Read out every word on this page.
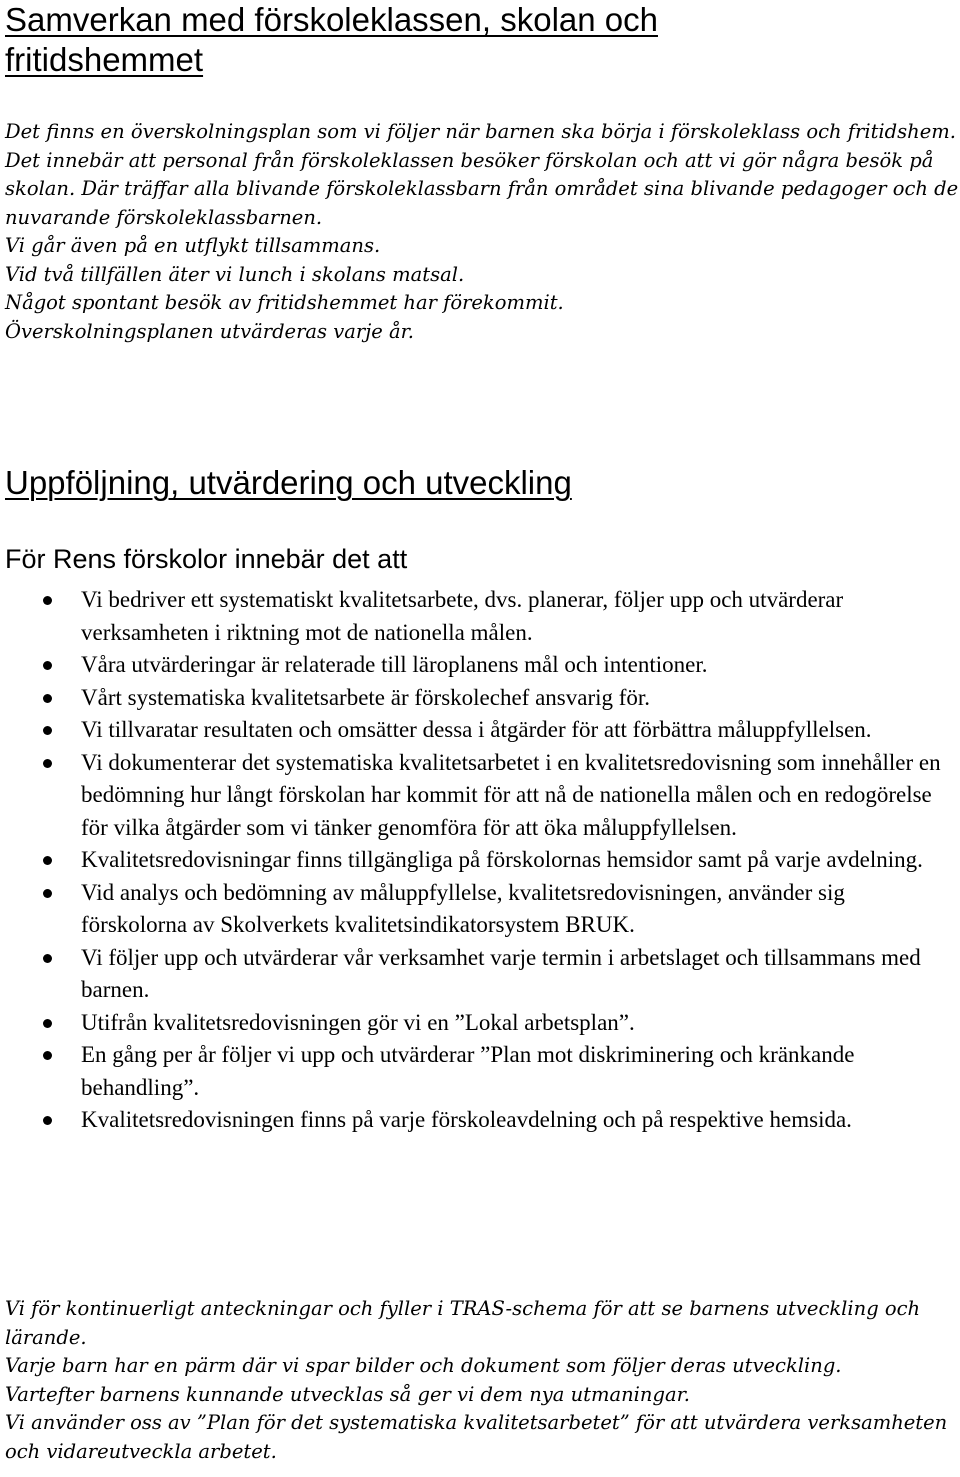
Samverkan med förskoleklassen, skolan och fritidshemmet
Det finns en överskolningsplan som vi följer när barnen ska börja i förskoleklass och fritidshem.
Det innebär att personal från förskoleklassen besöker förskolan och att vi gör några besök på skolan. Där träffar alla blivande förskoleklassbarn från området sina blivande pedagoger och de nuvarande förskoleklassbarnen.
Vi går även på en utflykt tillsammans.
Vid två tillfällen äter vi lunch i skolans matsal.
Något spontant besök av fritidshemmet har förekommit.
Överskolningsplanen utvärderas varje år.
Uppföljning, utvärdering och utveckling
För Rens förskolor innebär det att
Vi bedriver ett systematiskt kvalitetsarbete, dvs. planerar, följer upp och utvärderar verksamheten i riktning mot de nationella målen.
Våra utvärderingar är relaterade till läroplanens mål och intentioner.
Vårt systematiska kvalitetsarbete är förskolechef ansvarig för.
Vi tillvaratar resultaten och omsätter dessa i åtgärder för att förbättra måluppfyllelsen.
Vi dokumenterar det systematiska kvalitetsarbetet i en kvalitetsredovisning som innehåller en bedömning hur långt förskolan har kommit för att nå de nationella målen och en redogörelse för vilka åtgärder som vi tänker genomföra för att öka måluppfyllelsen.
Kvalitetsredovisningar finns tillgängliga på förskolornas hemsidor samt på varje avdelning.
Vid analys och bedömning av måluppfyllelse, kvalitetsredovisningen, använder sig förskolorna av Skolverkets kvalitetsindikatorsystem BRUK.
Vi följer upp och utvärderar vår verksamhet varje termin i arbetslaget och tillsammans med barnen.
Utifrån kvalitetsredovisningen gör vi en ”Lokal arbetsplan”.
En gång per år följer vi upp och utvärderar ”Plan mot diskriminering och kränkande behandling”.
Kvalitetsredovisningen finns på varje förskoleavdelning och på respektive hemsida.
Vi för kontinuerligt anteckningar och fyller i TRAS-schema för att se barnens utveckling och lärande.
Varje barn har en pärm där vi spar bilder och dokument som följer deras utveckling.
Vartefter barnens kunnande utvecklas så ger vi dem nya utmaningar.
Vi använder oss av ”Plan för det systematiska kvalitetsarbetet” för att utvärdera verksamheten och vidareutveckla arbetet.
